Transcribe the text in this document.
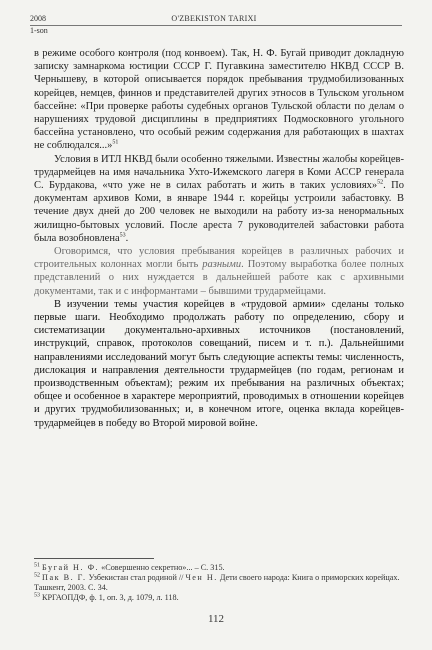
2008	O'ZBEKISTON TARIXI
1-son

в режиме особого контроля (под конвоем). Так, Н. Ф. Бугай приводит докладную записку замнаркома юстиции СССР Г. Пугавкина заместителю НКВД СССР В. Чернышеву, в которой описывается порядок пребывания трудмобилизованных корейцев, немцев, финнов и представителей других этносов в Тульском угольном бассейне: «При проверке работы судебных органов Тульской области по делам о нарушениях трудовой дисциплины в предприятиях Подмосковного угольного бассейна установлено, что особый режим содержания для работающих в шахтах не соблюдался...»$^{51}$

Условия в ИТЛ НКВД были особенно тяжелыми. Известны жалобы корейцев-трудармейцев на имя начальника Ухто-Ижемского лагеря в Коми АССР генерала С. Бурдакова, «что уже не в силах работать и жить в таких условиях»$^{52}$. По документам архивов Коми, в январе 1944 г. корейцы устроили забастовку. В течение двух дней до 200 человек не выходили на работу из-за ненормальных жилищно-бытовых условий. После ареста 7 руководителей забастовки работа была возобновлена$^{53}$.

Оговоримся, что условия пребывания корейцев в различных рабочих и строительных колоннах могли быть разными. Поэтому выработка более полных представлений о них нуждается в дальнейшей работе как с архивными документами, так и с информантами – бывшими трудармейцами.

В изучении темы участия корейцев в «трудовой армии» сделаны только первые шаги. Необходимо продолжать работу по определению, сбору и систематизации документально-архивных источников (постановлений, инструкций, справок, протоколов совещаний, писем и т. п.). Дальнейшими направлениями исследований могут быть следующие аспекты темы: численность, дислокация и направления деятельности трудармейцев (по годам, регионам и производственным объектам); режим их пребывания на различных объектах; общее и особенное в характере мероприятий, проводимых в отношении корейцев и других трудмобилизованных; и, в конечном итоге, оценка вклада корейцев-трудармейцев в победу во Второй мировой войне.

$^{51}$ Бугай Н. Ф. «Совершенно секретно»... – С. 315.

$^{52}$ Пак В. Г. Узбекистан стал родиной // Чен Н. Дети своего народа: Книга о приморских корейцах. Ташкент, 2003. С. 34.

$^{53}$ КРГАОПДФ, ф. 1, оп. 3, д. 1079, л. 118.

112
